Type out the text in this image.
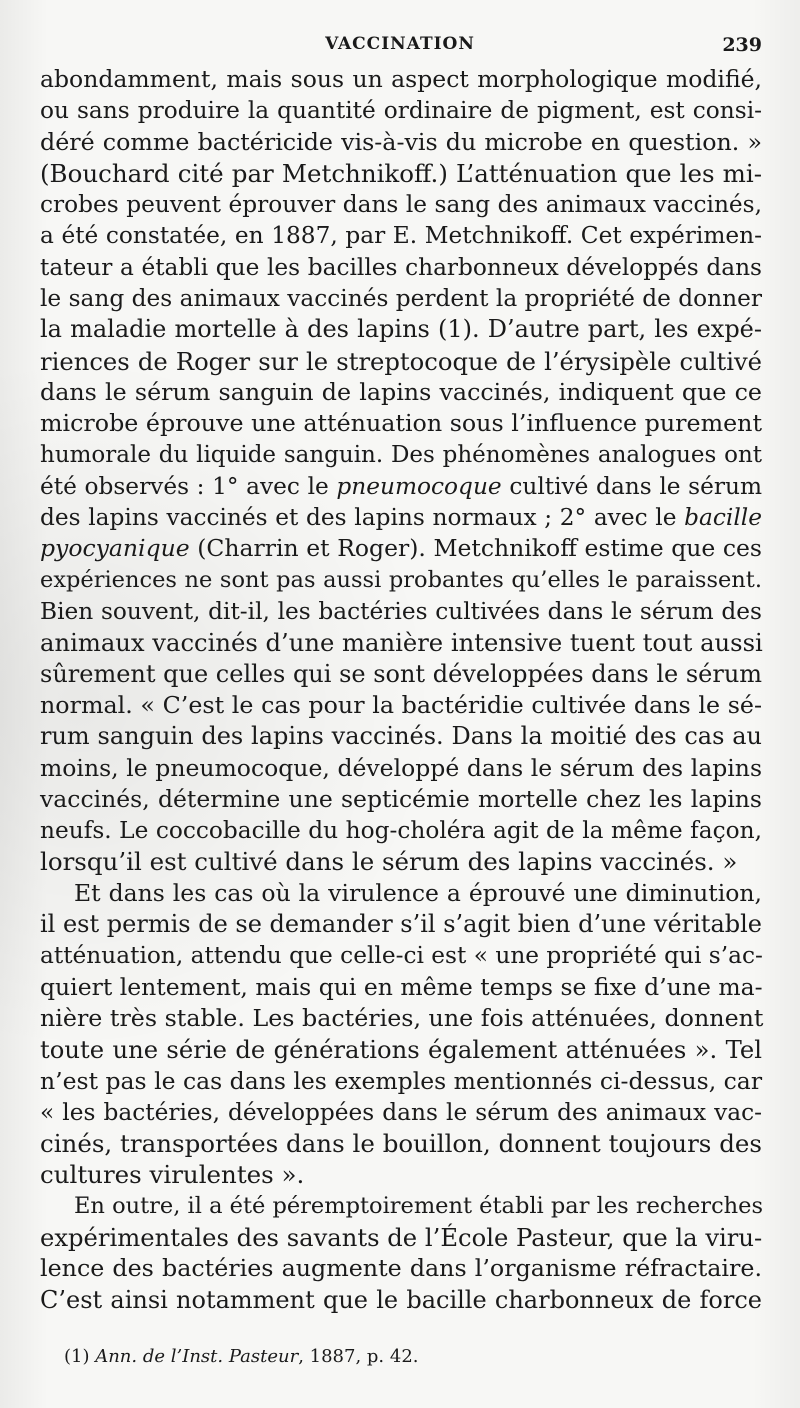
VACCINATION	239
abondamment, mais sous un aspect morphologique modifié,
ou sans produire la quantité ordinaire de pigment, est consi-
déré comme bactéricide vis-à-vis du microbe en question. »
(Bouchard cité par Metchnikoff.) L’atténuation que les mi-
crobes peuvent éprouver dans le sang des animaux vaccinés,
a été constatée, en 1887, par E. Metchnikoff. Cet expérimen-
tateur a établi que les bacilles charbonneux développés dans
le sang des animaux vaccinés perdent la propriété de donner
la maladie mortelle à des lapins (1). D’autre part, les expé-
riences de Roger sur le streptocoque de l’érysipèle cultivé
dans le sérum sanguin de lapins vaccinés, indiquent que ce
microbe éprouve une atténuation sous l’influence purement
humorale du liquide sanguin. Des phénomènes analogues ont
été observés : 1° avec le pneumocoque cultivé dans le sérum
des lapins vaccinés et des lapins normaux ; 2° avec le bacille
pyocyanique (Charrin et Roger). Metchnikoff estime que ces
expériences ne sont pas aussi probantes qu’elles le paraissent.
Bien souvent, dit-il, les bactéries cultivées dans le sérum des
animaux vaccinés d’une manière intensive tuent tout aussi
sûrement que celles qui se sont développées dans le sérum
normal. « C’est le cas pour la bactéridie cultivée dans le sé-
rum sanguin des lapins vaccinés. Dans la moitié des cas au
moins, le pneumocoque, développé dans le sérum des lapins
vaccinés, détermine une septicémie mortelle chez les lapins
neufs. Le coccobacille du hog-choléra agit de la même façon,
lorsqu’il est cultivé dans le sérum des lapins vaccinés. »
Et dans les cas où la virulence a éprouvé une diminution,
il est permis de se demander s’il s’agit bien d’une véritable
atténuation, attendu que celle-ci est « une propriété qui s’ac-
quiert lentement, mais qui en même temps se fixe d’une ma-
nière très stable. Les bactéries, une fois atténuées, donnent
toute une série de générations également atténuées ». Tel
n’est pas le cas dans les exemples mentionnés ci-dessus, car
« les bactéries, développées dans le sérum des animaux vac-
cinés, transportées dans le bouillon, donnent toujours des
cultures virulentes ».
En outre, il a été péremptoirement établi par les recherches
expérimentales des savants de l’École Pasteur, que la viru-
lence des bactéries augmente dans l’organisme réfractaire.
C’est ainsi notamment que le bacille charbonneux de force
(1) Ann. de l’Inst. Pasteur, 1887, p. 42.
